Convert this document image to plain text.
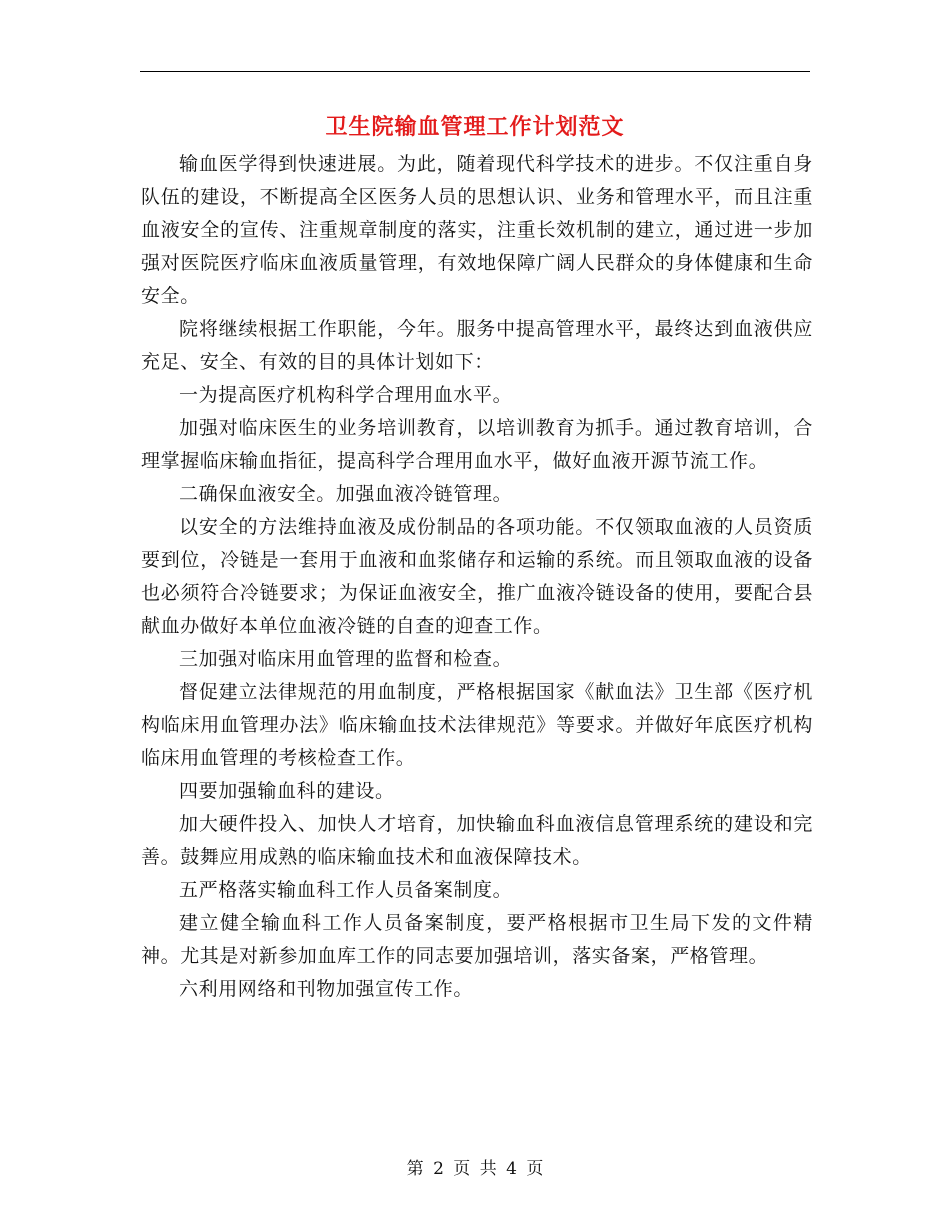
卫生院输血管理工作计划范文

输血医学得到快速进展。为此，随着现代科学技术的进步。不仅注重自身队伍的建设，不断提高全区医务人员的思想认识、业务和管理水平，而且注重血液安全的宣传、注重规章制度的落实，注重长效机制的建立，通过进一步加强对医院医疗临床血液质量管理，有效地保障广阔人民群众的身体健康和生命安全。

院将继续根据工作职能，今年。服务中提高管理水平，最终达到血液供应充足、安全、有效的目的具体计划如下：

一为提高医疗机构科学合理用血水平。

加强对临床医生的业务培训教育，以培训教育为抓手。通过教育培训，合理掌握临床输血指征，提高科学合理用血水平，做好血液开源节流工作。

二确保血液安全。加强血液冷链管理。

以安全的方法维持血液及成份制品的各项功能。不仅领取血液的人员资质要到位，冷链是一套用于血液和血浆储存和运输的系统。而且领取血液的设备也必须符合冷链要求；为保证血液安全，推广血液冷链设备的使用，要配合县献血办做好本单位血液冷链的自查的迎查工作。

三加强对临床用血管理的监督和检查。

督促建立法律规范的用血制度，严格根据国家《献血法》卫生部《医疗机构临床用血管理办法》临床输血技术法律规范》等要求。并做好年底医疗机构临床用血管理的考核检查工作。

四要加强输血科的建设。

加大硬件投入、加快人才培育，加快输血科血液信息管理系统的建设和完善。鼓舞应用成熟的临床输血技术和血液保障技术。

五严格落实输血科工作人员备案制度。

建立健全输血科工作人员备案制度，要严格根据市卫生局下发的文件精神。尤其是对新参加血库工作的同志要加强培训，落实备案，严格管理。

六利用网络和刊物加强宣传工作。

第 2 页 共 4 页
